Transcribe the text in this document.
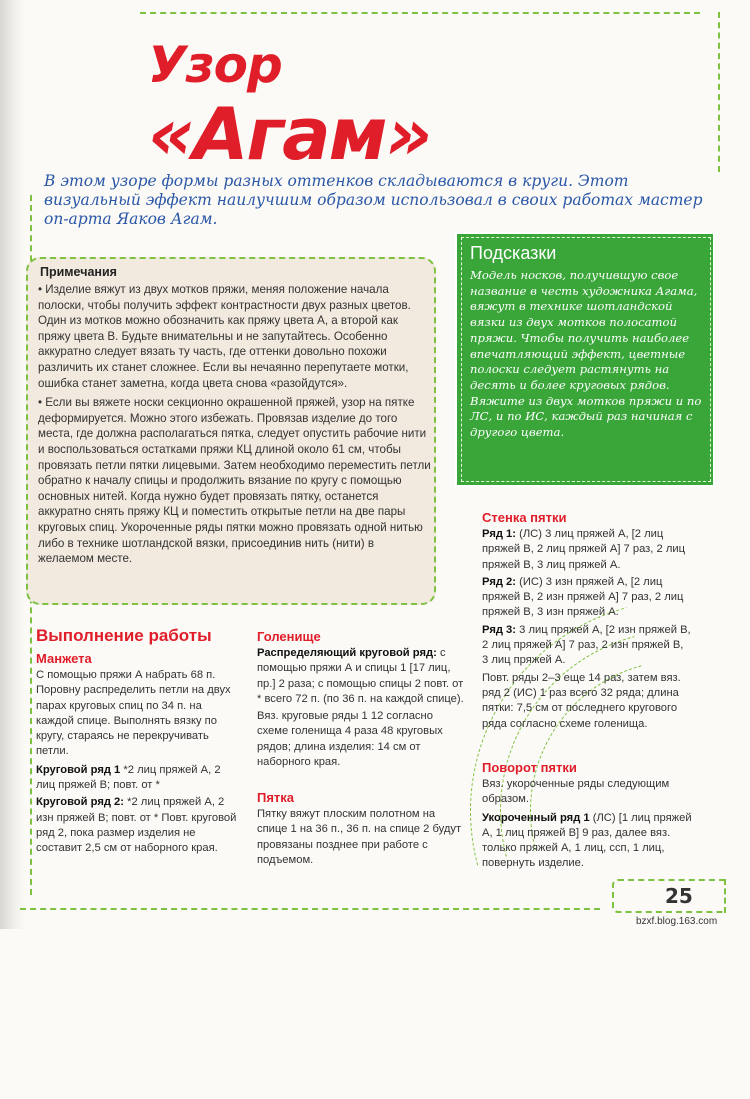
Узор
«Агам»
В этом узоре формы разных оттенков складываются в круги. Этот визуальный эффект наилучшим образом использовал в своих работах мастер оп-арта Яаков Агам.
Примечания

• Изделие вяжут из двух мотков пряжи, меняя положение начала полоски, чтобы получить эффект контрастности двух разных цветов. Один из мотков можно обозначить как пряжу цвета А, а второй как пряжу цвета В. Будьте внимательны и не запутайтесь. Особенно аккуратно следует вязать ту часть, где оттенки довольно похожи различить их станет сложнее. Если вы нечаянно перепутаете мотки, ошибка станет заметна, когда цвета снова «разойдутся».

• Если вы вяжете носки секционно окрашенной пряжей, узор на пятке деформируется. Можно этого избежать. Провязав изделие до того места, где должна располагаться пятка, следует опустить рабочие нити и воспользоваться остатками пряжи КЦ длиной около 61 см, чтобы провязать петли пятки лицевыми. Затем необходимо переместить петли обратно к началу спицы и продолжить вязание по кругу с помощью основных нитей. Когда нужно будет провязать пятку, останется аккуратно снять пряжу КЦ и поместить открытые петли на две пары круговых спиц. Укороченные ряды пятки можно провязать одной нитью либо в технике шотландской вязки, присоединив нить (нити) в желаемом месте.

Подсказки
Модель носков, получившую свое название в честь художника Агама, вяжут в технике шотландской вязки из двух мотков полосатой пряжи. Чтобы получить наиболее впечатляющий эффект, цветные полоски следует растянуть на десять и более круговых рядов. Вяжите из двух мотков пряжи и по ЛС, и по ИС, каждый раз начиная с другого цвета.
Выполнение работы
Манжета
С помощью пряжи А набрать 68 п. Поровну распределить петли на двух парах круговых спиц по 34 п. на каждой спице. Выполнять вязку по кругу, стараясь не перекручивать петли.
Круговой ряд 1 *2 лиц пряжей А, 2 лиц пряжей В; повт. от *
Круговой ряд 2: *2 лиц пряжей А, 2 изн пряжей В; повт. от * Повт. круговой ряд 2, пока размер изделия не составит 2,5 см от наборного края.
Голенище
Распределяющий круговой ряд: с помощью пряжи А и спицы 1 [17 лиц, пр.] 2 раза; с помощью спицы 2 повт. от * всего 72 п. (по 36 п. на каждой спице).
Вяз. круговые ряды 1 12 согласно схеме голенища 4 раза 48 круговых рядов; длина изделия: 14 см от наборного края.
Пятка
Пятку вяжут плоским полотном на спице 1 на 36 п., 36 п. на спице 2 будут провязаны позднее при работе с подъемом.
Стенка пятки
Ряд 1: (ЛС) 3 лиц пряжей А, [2 лиц пряжей В, 2 лиц пряжей А] 7 раз, 2 лиц пряжей В, 3 лиц пряжей А.
Ряд 2: (ИС) 3 изн пряжей А, [2 лиц пряжей В, 2 изн пряжей А] 7 раз, 2 лиц пряжей В, 3 изн пряжей А.
Ряд 3: 3 лиц пряжей А, [2 изн пряжей В, 2 лиц пряжей А] 7 раз, 2 изн пряжей В, 3 лиц пряжей А.
Повт. ряды 2–3 еще 14 раз, затем вяз. ряд 2 (ИС) 1 раз всего 32 ряда; длина пятки: 7,5 см от последнего кругового ряда согласно схеме голенища.
Поворот пятки
Вяз. укороченные ряды следующим образом.
Укороченный ряд 1 (ЛС) [1 лиц пряжей А, 1 лиц пряжей В] 9 раз, далее вяз. только пряжей А, 1 лиц, ссп, 1 лиц, повернуть изделие.
25
bzxf.blog.163.com
